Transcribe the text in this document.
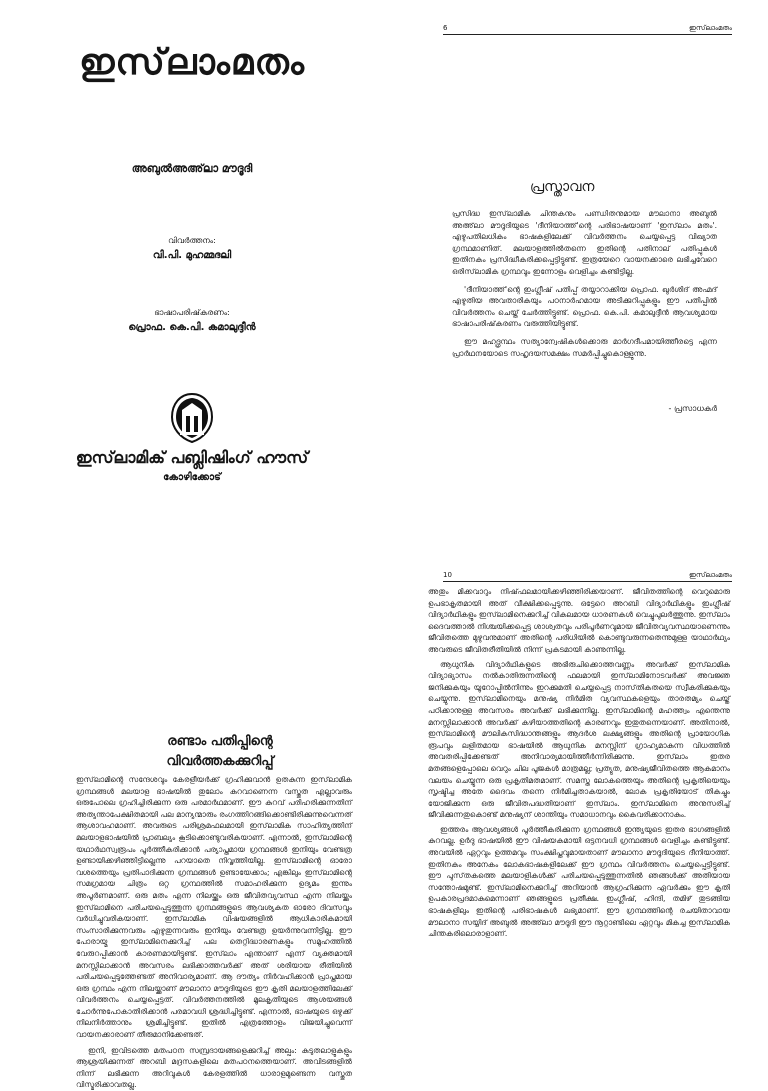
ഇസ്‌ലാംമതം
അബുൽഅഅ്‌ലാ മൗദൂദി
വിവർത്തനം:
വി.പി. മുഹമ്മദലി
ഭാഷാപരിഷ്‌കരണം:
പ്രൊഫ. കെ.പി. കമാലുദ്ദീൻ
ഇസ്‌ലാമിക് പബ്ലിഷിംഗ് ഹൗസ്
കോഴിക്കോട്
6	ഇസ്‌ലാംമതം
പ്രസ്താവന

പ്രസിദ്ധ ഇസ്‌ലാമിക ചിന്തകനും പണ്ഡിതനുമായ മൗലാനാ അബുൽ അഅ്‌ലാ മൗദൂദിയുടെ 'ദീനിയാത്ത്'ന്റെ പരിഭാഷയാണ് 'ഇസ്‌ലാം മതം'. എഴുപതിലധികം ഭാഷകളിലേക്ക് വിവർത്തനം ചെയ്യപ്പെട്ട വിഖ്യാത ഗ്രന്ഥമാണിത്. മലയാളത്തിൽതന്നെ ഇതിന്റെ പതിനാല് പതിപ്പുകൾ ഇതിനകം പ്രസിദ്ധീകരിക്കപ്പെട്ടിട്ടുണ്ട്. ഇത്രയേറെ വായനക്കാരെ ലഭിച്ചവേറെ ഒരിസ്‌ലാമിക ഗ്രന്ഥവും ഇന്നോളം വെളിച്ചം കണ്ടിട്ടില്ല.

'ദീനിയാത്ത്'ന്റെ ഇംഗ്ലീഷ് പതിപ്പ് തയ്യാറാക്കിയ പ്രൊഫ. ഖുർശിദ് അഹ്മദ് എഴുതിയ അവതാരികയും പഠനാർഹമായ അടിക്കുറിപ്പുകളും ഈ പതിപ്പിൽ വിവർത്തനം ചെയ്ത് ചേർത്തിട്ടുണ്ട്. പ്രൊഫ. കെ.പി. കമാലുദ്ദീൻ ആവശ്യമായ ഭാഷാപരിഷ്‌കരണം വരുത്തിയിട്ടുണ്ട്.

ഈ മഹദ്ഗ്രന്ഥം സത്യാന്വേഷികൾക്കൊരു മാർഗദീപമായിത്തീരട്ടെ എന്ന പ്രാർഥനയോടെ സഹൃദയസമക്ഷം സമർപ്പിച്ചുകൊള്ളുന്നു.

- പ്രസാധകർ
രണ്ടാം പതിപ്പിന്റെ
വിവർത്തകക്കുറിപ്പ്

ഇസ്‌ലാമിന്റെ സന്ദേശവും കേരളീയർക്ക് ഗ്രഹിക്കുവാൻ ഉതകുന്ന ഇസ്‌ലാമിക ഗ്രന്ഥങ്ങൾ മലയാള ഭാഷയിൽ തുലോം കുറവാണെന്ന വസ്തുത എല്ലാവരും ഒരുപോലെ ഗ്രഹിച്ചിരിക്കുന്ന ഒരു പരമാർഥമാണ്. ഈ കുറവ് പരിഹരിക്കുന്നതിന് അത്യന്താപേക്ഷിതമായി പല മാന്യന്മാരും രംഗത്തിറങ്ങിക്കൊണ്ടിരിക്കുന്നുവെന്നത് ആശാവഹമാണ്. അവരുടെ പരിശ്രമഫലമായി ഇസ്‌ലാമിക സാഹിത്യത്തിന് മലയാളഭാഷയിൽ പ്രാബല്യം കൂടിക്കൊണ്ടുവരികയാണ്. എന്നാൽ, ഇസ്‌ലാമിന്റെ യഥാർഥസ്വരൂപം പൂർത്തീകരിക്കാൻ പര്യാപ്തമായ ഗ്രന്ഥങ്ങൾ ഇനിയും വേണ്ടത്ര ഉണ്ടായിക്കഴിഞ്ഞിട്ടില്ലെന്നു പറയാതെ നിവൃത്തിയില്ല. ഇസ്‌ലാമിന്റെ ഓരോ വശത്തെയും പ്രതിപാദിക്കുന്ന ഗ്രന്ഥങ്ങൾ ഉണ്ടായേക്കാം; എങ്കിലും ഇസ്‌ലാമിന്റെ സമഗ്രമായ ചിത്രം ഒറ്റ ഗ്രന്ഥത്തിൽ സമാഹരിക്കുന്ന ഉദ്യമം ഇന്നും അപൂർണമാണ്. ഒരു മതം എന്ന നിലയ്ക്കും ഒരു ജീവിതവ്യവസ്ഥ എന്ന നിലയ്ക്കും ഇസ്‌ലാമിനെ പരിചയപ്പെടുത്തുന്ന ഗ്രന്ഥങ്ങളുടെ ആവശ്യകത ഓരോ ദിവസവും വർധിച്ചുവരികയാണ്. ഇസ്‌ലാമിക വിഷയങ്ങളിൽ ആധികാരികമായി സംസാരിക്കുന്നവരും എഴുതുന്നവരും ഇനിയും വേണ്ടത്ര ഉയർന്നുവന്നിട്ടില്ല. ഈ പോരായ്മ ഇസ്‌ലാമിനെക്കുറിച്ച് പല തെറ്റിദ്ധാരണകളും സമൂഹത്തിൽ വേരുറപ്പിക്കാൻ കാരണമായിട്ടുണ്ട്. ഇസ്‌ലാം എന്താണ് എന്ന് വ്യക്തമായി മനസ്സിലാക്കാൻ അവസരം ലഭിക്കാത്തവർക്ക് അത് ശരിയായ രീതിയിൽ പരിചയപ്പെടുത്തേണ്ടത് അനിവാര്യമാണ്. ആ ദൗത്യം നിർവഹിക്കാൻ പ്രാപ്തമായ ഒരു ഗ്രന്ഥം എന്ന നിലയ്ക്കാണ് മൗലാനാ മൗദൂദിയുടെ ഈ കൃതി മലയാളത്തിലേക്ക് വിവർത്തനം ചെയ്യപ്പെട്ടത്. വിവർത്തനത്തിൽ മൂലകൃതിയുടെ ആശയങ്ങൾ ചോർന്നുപോകാതിരിക്കാൻ പരമാവധി ശ്രദ്ധിച്ചിട്ടുണ്ട്. എന്നാൽ, ഭാഷയുടെ ഒഴുക്ക് നിലനിർത്താനും ശ്രമിച്ചിട്ടുണ്ട്. ഇതിൽ എത്രത്തോളം വിജയിച്ചുവെന്ന് വായനക്കാരാണ് തീരുമാനിക്കേണ്ടത്.

ഇനി, ഇവിടത്തെ മതപഠന സമ്പ്രദായങ്ങളെക്കുറിച്ച് അല്പം: കുടുതലാളുകളും ആശ്രയിക്കുന്നത് അറബി മദ്രസകളിലെ മതപഠനത്തെയാണ്. അവിടങ്ങളിൽ നിന്ന് ലഭിക്കുന്ന അറിവുകൾ കേരളത്തിൽ ധാരാളമുണ്ടെന്ന വസ്തുത വിസ്മരിക്കാവതല്ല.

10	ഇസ്‌ലാംമതം

അതും മിക്കവാറും നിഷ്‌ഫലമായിക്കഴിഞ്ഞിരിക്കയാണ്. ജീവിതത്തിന്റെ വെറുമൊരു ഉപഭാകൃതമായി അത് വീക്ഷിക്കപ്പെടുന്നു. ഒട്ടേറെ അറബി വിദ്യാർഥികളും ഇംഗ്ലീഷ് വിദ്യാർഥികളും ഇസ്‌ലാമിനെക്കുറിച്ച് വികലമായ ധാരണകൾ വെച്ചുപുലർത്തുന്നു. ഇസ്‌ലാം ദൈവത്താൽ നിശ്ചയിക്കപ്പെട്ട ശാശ്വതവും പരിപൂർണവുമായ ജീവിതവ്യവസ്ഥയാണെന്നും ജീവിതത്തെ മുഴുവനുമാണ് അതിന്റെ പരിധിയിൽ കൊണ്ടുവരുന്നതെന്നുമുള്ള യാഥാർഥ്യം അവരുടെ ജീവിതരീതിയിൽ നിന്ന് പ്രകടമായി കാണുന്നില്ല.

ആധുനിക വിദ്യാർഥികളുടെ അഭിരുചിക്കൊത്തവണ്ണം അവർക്ക് ഇസ്‌ലാമിക വിദ്യാഭ്യാസം നൽകാതിരുന്നതിന്റെ ഫലമായി ഇസ്‌ലാമിനോടവർക്ക് അവജ്ഞ ജനിക്കുകയും യൂറോപ്പിൽനിന്നും ഇറക്കുമതി ചെയ്യപ്പെട്ട നാസ്‌തികതയെ സ്വീകരിക്കുകയും ചെയ്യുന്നു. ഇസ്‌ലാമിനെയും മനുഷ്യ നിർമിത വ്യവസ്ഥകളെയും താരതമ്യം ചെയ്ത് പഠിക്കാനുള്ള അവസരം അവർക്ക് ലഭിക്കുന്നില്ല. ഇസ്‌ലാമിന്റെ മഹത്ത്വം എന്തെന്നു മനസ്സിലാക്കാൻ അവർക്ക് കഴിയാത്തതിന്റെ കാരണവും ഇതുതന്നെയാണ്. അതിനാൽ, ഇസ്‌ലാമിന്റെ മൗലികസിദ്ധാന്തങ്ങളും ആദർശ ലക്ഷ്യങ്ങളും അതിന്റെ പ്രായോഗിക രൂപവും ലളിതമായ ഭാഷയിൽ ആധുനിക മനസ്സിന് ഗ്രാഹ്യമാകുന്ന വിധത്തിൽ അവതരിപ്പിക്കേണ്ടത് അനിവാര്യമായിത്തീർന്നിരിക്കുന്നു. ഇസ്‌ലാം ഇതര മതങ്ങളെപ്പോലെ വെറും ചില പൂജകൾ മാത്രമല്ല; പ്രത്യുത, മനുഷ്യജീവിതത്തെ ആകമാനം വലയം ചെയ്യുന്ന ഒരു പ്രകൃതിമതമാണ്. സമസ്ത ലോകത്തെയും അതിന്റെ പ്രകൃതിയെയും സൃഷ്ടിച്ച അതേ ദൈവം തന്നെ നിർമിച്ചതാകയാൽ, ലോക പ്രകൃതിയോട് തികച്ചും യോജിക്കുന്ന ഒരു ജീവിതപദ്ധതിയാണ് ഇസ്‌ലാം. ഇസ്‌ലാമിനെ അനുസരിച്ച് ജീവിക്കുന്നതുകൊണ്ട് മനുഷ്യന് ശാന്തിയും സമാധാനവും കൈവരിക്കാനാകും.

ഇത്തരം ആവശ്യങ്ങൾ പൂർത്തീകരിക്കുന്ന ഗ്രന്ഥങ്ങൾ ഇന്ത്യയുടെ ഇതര ഭാഗങ്ങളിൽ കുറവല്ല. ഉർദു ഭാഷയിൽ ഈ വിഷയകമായി ഒട്ടനവധി ഗ്രന്ഥങ്ങൾ വെളിച്ചം കണ്ടിട്ടുണ്ട്. അവയിൽ ഏറ്റവും ഉത്തമവും സംക്ഷിപ്തവുമായതാണ് മൗലാനാ മൗദൂദിയുടെ ദീനിയാത്ത്. ഇതിനകം അനേകം ലോകഭാഷകളിലേക്ക് ഈ ഗ്രന്ഥം വിവർത്തനം ചെയ്യപ്പെട്ടിട്ടുണ്ട്. ഈ പുസ്‌തകത്തെ മലയാളികൾക്ക് പരിചയപ്പെടുത്തുന്നതിൽ ഞങ്ങൾക്ക് അതിയായ സന്തോഷമുണ്ട്. ഇസ്‌ലാമിനെക്കുറിച്ച് അറിയാൻ ആഗ്രഹിക്കുന്ന ഏവർക്കും ഈ കൃതി ഉപകാരപ്രദമാകുമെന്നാണ് ഞങ്ങളുടെ പ്രതീക്ഷ. ഇംഗ്ലീഷ്, ഹിന്ദി, തമിഴ് തുടങ്ങിയ ഭാഷകളിലും ഇതിന്റെ പരിഭാഷകൾ ലഭ്യമാണ്. ഈ ഗ്രന്ഥത്തിന്റെ രചയിതാവായ മൗലാനാ സയ്യിദ് അബുൽ അഅ്‌ലാ മൗദൂദി ഈ നൂറ്റാണ്ടിലെ ഏറ്റവും മികച്ച ഇസ്‌ലാമിക ചിന്തകരിലൊരാളാണ്.
